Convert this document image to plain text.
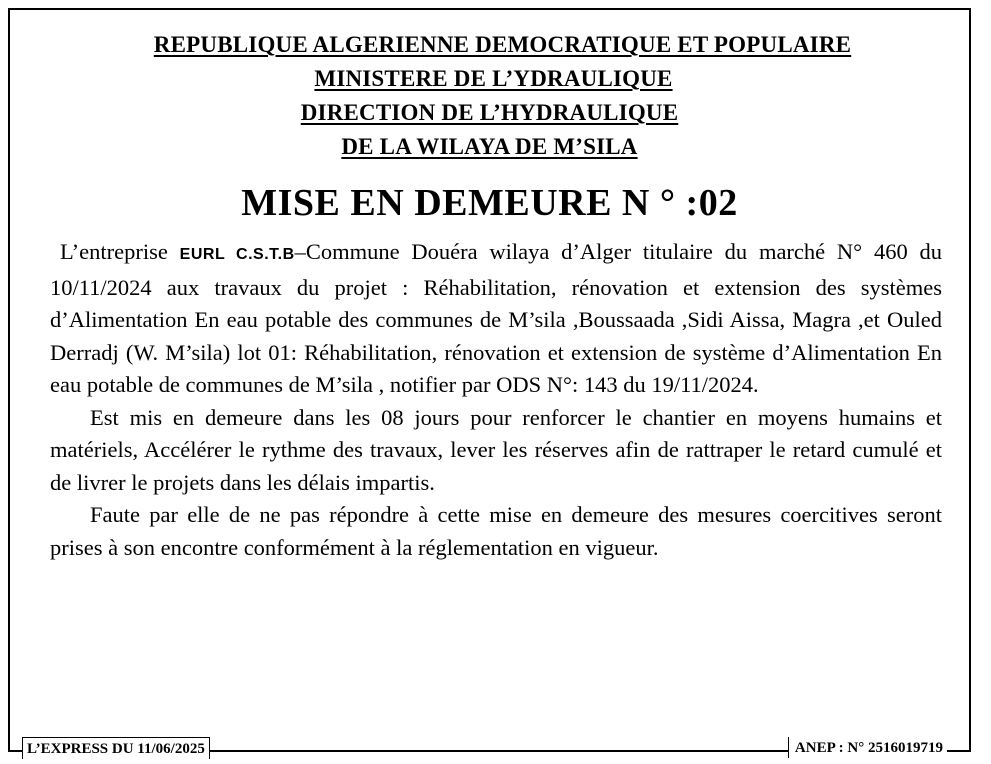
REPUBLIQUE ALGERIENNE DEMOCRATIQUE ET POPULAIRE
MINISTERE DE L’YDRAULIQUE
DIRECTION DE L’HYDRAULIQUE
DE LA WILAYA DE M’SILA
MISE EN DEMEURE N ° :02

L’entreprise EURL C.S.T.B–Commune Douéra wilaya d’Alger titulaire du marché N° 460 du 10/11/2024 aux travaux du projet : Réhabilitation, rénovation et extension des systèmes d’Alimentation En eau potable des communes de M’sila ,Boussaada ,Sidi Aissa, Magra ,et Ouled Derradj (W. M’sila) lot 01: Réhabilitation, rénovation et extension de système d’Alimentation En eau potable de communes de M’sila , notifier par ODS N°: 143 du 19/11/2024.

Est mis en demeure dans les 08 jours pour renforcer le chantier en moyens humains et matériels, Accélérer le rythme des travaux, lever les réserves afin de rattraper le retard cumulé et de livrer le projets dans les délais impartis.

Faute par elle de ne pas répondre à cette mise en demeure des mesures coercitives seront prises à son encontre conformément à la réglementation en vigueur.

L’EXPRESS DU 11/06/2025	ANEP : N° 2516019719
